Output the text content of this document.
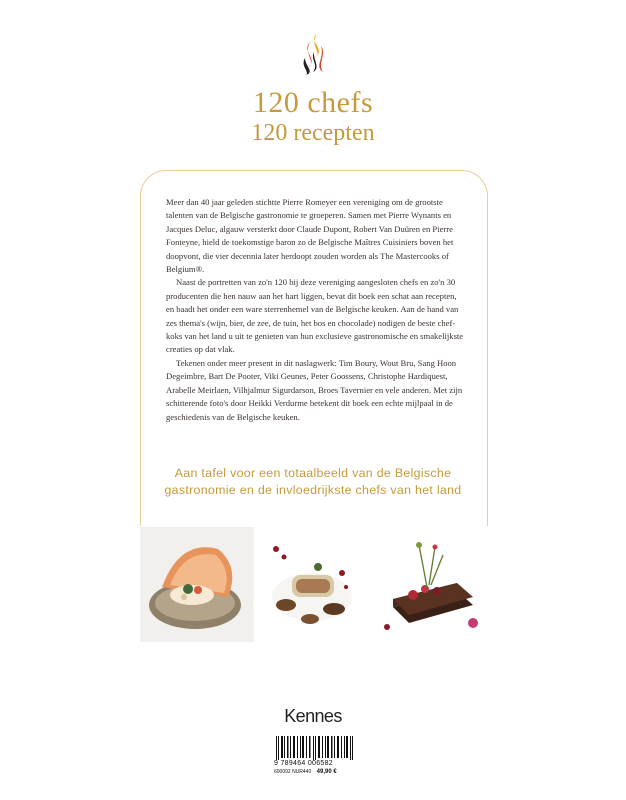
120 chefs
120 recepten

Meer dan 40 jaar geleden stichtte Pierre Romeyer een vereniging om de grootste talenten van de Belgische gastronomie te groeperen. Samen met Pierre Wynants en Jacques Deluc, algauw versterkt door Claude Dupont, Robert Van Duüren en Pierre Fonteyne, hield de toekomstige baron zo de Belgische Maîtres Cuisiniers boven het doopvont, die vier decennia later herdoopt zouden worden als The Mastercooks of Belgium®.

Naast de portretten van zo'n 120 bij deze vereniging aangesloten chefs en zo'n 30 producenten die hen nauw aan het hart liggen, bevat dit boek een schat aan recepten, en baadt het onder een ware sterrenhemel van de Belgische keuken. Aan de hand van zes thema's (wijn, bier, de zee, de tuin, het bos en chocolade) nodigen de beste chef- koks van het land u uit te genieten van hun exclusieve gastronomische en smakelijkste creaties op dat vlak.

Tekenen onder meer present in dit naslagwerk: Tim Boury, Wout Bru, Sang Hoon Degeimbre, Bart De Pooter, Viki Geunes, Peter Goossens, Christophe Hardiquest, Arabelle Meirlaen, Vilhjalmur Sigurdarson, Broes Tavernier en vele anderen. Met zijn schitterende foto's door Heikki Verdurme betekent dit boek een echte mijlpaal in de geschiedenis van de Belgische keuken.

Aan tafel voor een totaalbeeld van de Belgische gastronomie en de invloedrijkste chefs van het land
Kennes
9 789464 006582
600092 NUR440 49,90 €
